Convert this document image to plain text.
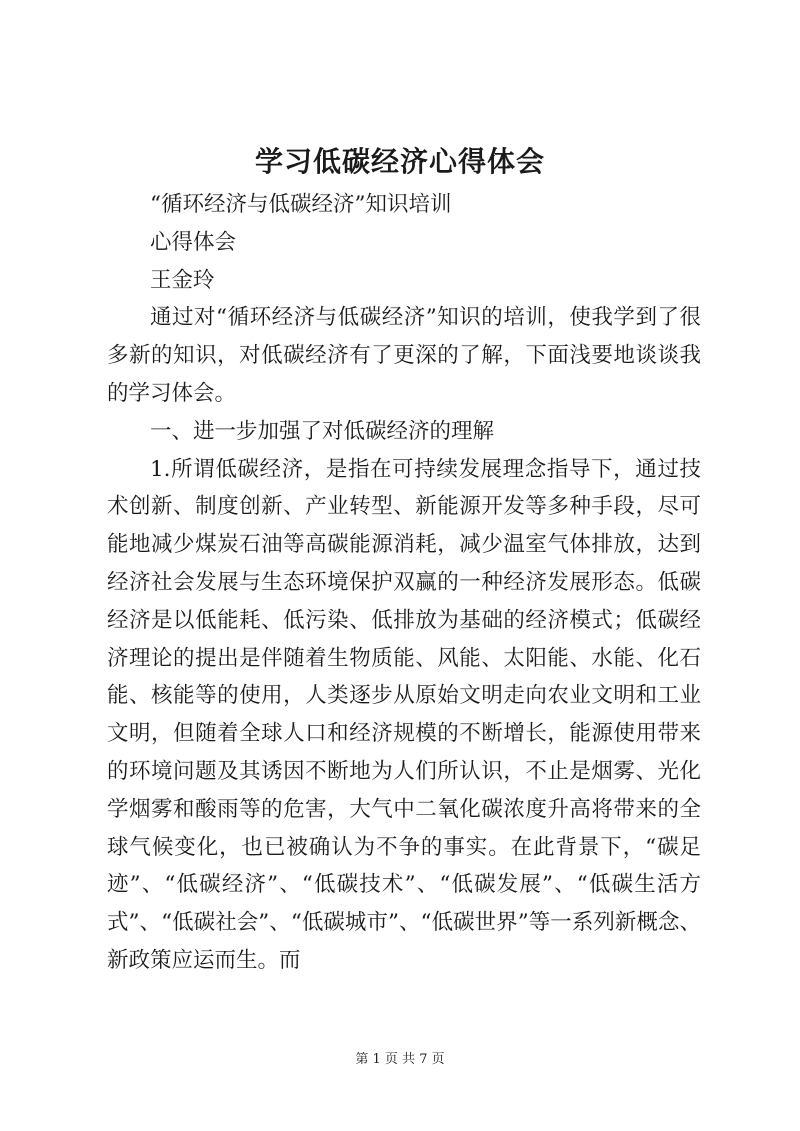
学习低碳经济心得体会

“循环经济与低碳经济”知识培训

心得体会

王金玲

通过对“循环经济与低碳经济”知识的培训，使我学到了很多新的知识，对低碳经济有了更深的了解，下面浅要地谈谈我的学习体会。

一、进一步加强了对低碳经济的理解

1.所谓低碳经济，是指在可持续发展理念指导下，通过技术创新、制度创新、产业转型、新能源开发等多种手段，尽可能地减少煤炭石油等高碳能源消耗，减少温室气体排放，达到经济社会发展与生态环境保护双赢的一种经济发展形态。低碳经济是以低能耗、低污染、低排放为基础的经济模式；低碳经济理论的提出是伴随着生物质能、风能、太阳能、水能、化石能、核能等的使用，人类逐步从原始文明走向农业文明和工业文明，但随着全球人口和经济规模的不断增长，能源使用带来的环境问题及其诱因不断地为人们所认识，不止是烟雾、光化学烟雾和酸雨等的危害，大气中二氧化碳浓度升高将带来的全球气候变化，也已被确认为不争的事实。在此背景下，“碳足迹”、“低碳经济”、“低碳技术”、“低碳发展”、“低碳生活方式”、“低碳社会”、“低碳城市”、“低碳世界”等一系列新概念、新政策应运而生。而

第 1 页 共 7 页
